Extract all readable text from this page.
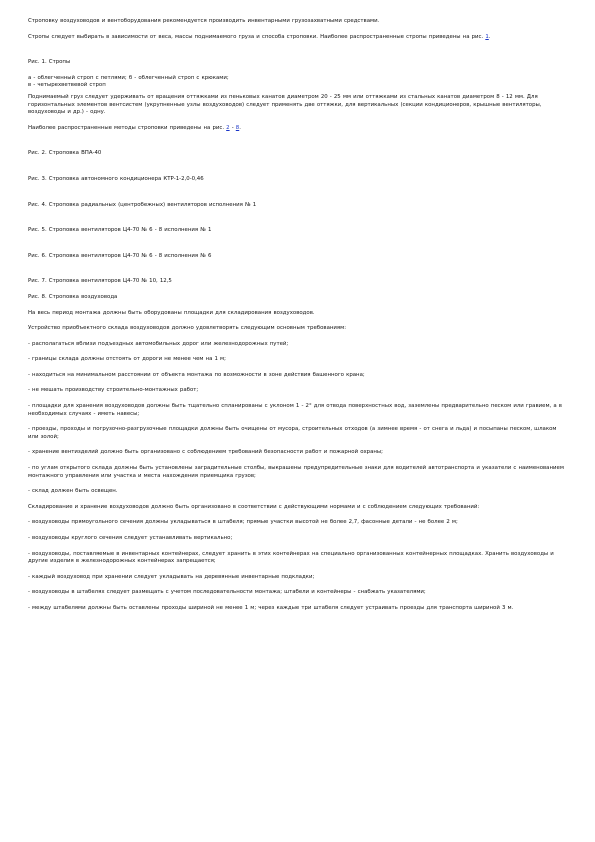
Строповку воздуховодов и вентоборудования рекомендуется производить инвентарными грузозахватными средствами.

Стропы следует выбирать в зависимости от веса, массы поднимаемого груза и способа строповки. Наиболее распространенные стропы приведены на рис. 1.

Рис. 1. Стропы

а - облегченный строп с петлями; б - облегченный строп с крюками;

в - четырехветвевой строп

Поднимаемый груз следует удерживать от вращения оттяжками из пеньковых канатов диаметром 20 - 25 мм или оттяжками из стальных канатов диаметром 8 - 12 мм. Для горизонтальных элементов вентсистем (укрупненные узлы воздуховодов) следует применять две оттяжки, для вертикальных (секции кондиционеров, крышные вентиляторы, воздуховоды и др.) - одну.

Наиболее распространенные методы строповки приведены на рис. 2 - 8.

Рис. 2. Строповка ВПА-40

Рис. 3. Строповка автономного кондиционера КТР-1-2,0-0,46

Рис. 4. Строповка радиальных (центробежных) вентиляторов исполнения № 1

Рис. 5. Строповка вентиляторов Ц4-70 № 6 - 8 исполнения № 1

Рис. 6. Строповка вентиляторов Ц4-70 № 6 - 8 исполнения № 6

Рис. 7. Строповка вентиляторов Ц4-70 № 10, 12,5

Рис. 8. Строповка воздуховода

На весь период монтажа должны быть оборудованы площадки для складирования воздуховодов.

Устройство приобъектного склада воздуховодов должно удовлетворять следующим основным требованиям:

- располагаться вблизи подъездных автомобильных дорог или железнодорожных путей;

- границы склада должны отстоять от дороги не менее чем на 1 м;

- находиться на минимальном расстоянии от объекта монтажа по возможности в зоне действия башенного крана;

- не мешать производству строительно-монтажных работ;

- площадки для хранения воздуховодов должны быть тщательно спланированы с уклоном 1 - 2° для отвода поверхностных вод, заземлены предварительно песком или гравием, а в необходимых случаях - иметь навесы;

- проезды, проходы и погрузочно-разгрузочные площадки должны быть очищены от мусора, строительных отходов (а зимнее время - от снега и льда) и посыпаны песком, шлаком или золой;

- хранение вентизделий должно быть организовано с соблюдением требований безопасности работ и пожарной охраны;

- по углам открытого склада должны быть установлены заградительные столбы, выкрашены предупредительные знаки для водителей автотранспорта и указатели с наименованием монтажного управления или участка и места нахождения приемщика грузов;

- склад должен быть освещен.

Складирование и хранение воздуховодов должно быть организовано в соответствии с действующими нормами и с соблюдением следующих требований:

- воздуховоды прямоугольного сечения должны укладываться в штабеля; прямые участки высотой не более 2,7, фасонные детали - не более 2 м;

- воздуховоды круглого сечения следует устанавливать вертикально;

- воздуховоды, поставляемые в инвентарных контейнерах, следует хранить в этих контейнерах на специально организованных контейнерных площадках. Хранить воздуховоды и другие изделия в железнодорожных контейнерах запрещается;

- каждый воздуховод при хранении следует укладывать на деревянные инвентарные подкладки;

- воздуховоды в штабелях следует размещать с учетом последовательности монтажа; штабели и контейнеры - снабжать указателями;

- между штабелями должны быть оставлены проходы шириной не менее 1 м; через каждые три штабеля следует устраивать проезды для транспорта шириной 3 м.
